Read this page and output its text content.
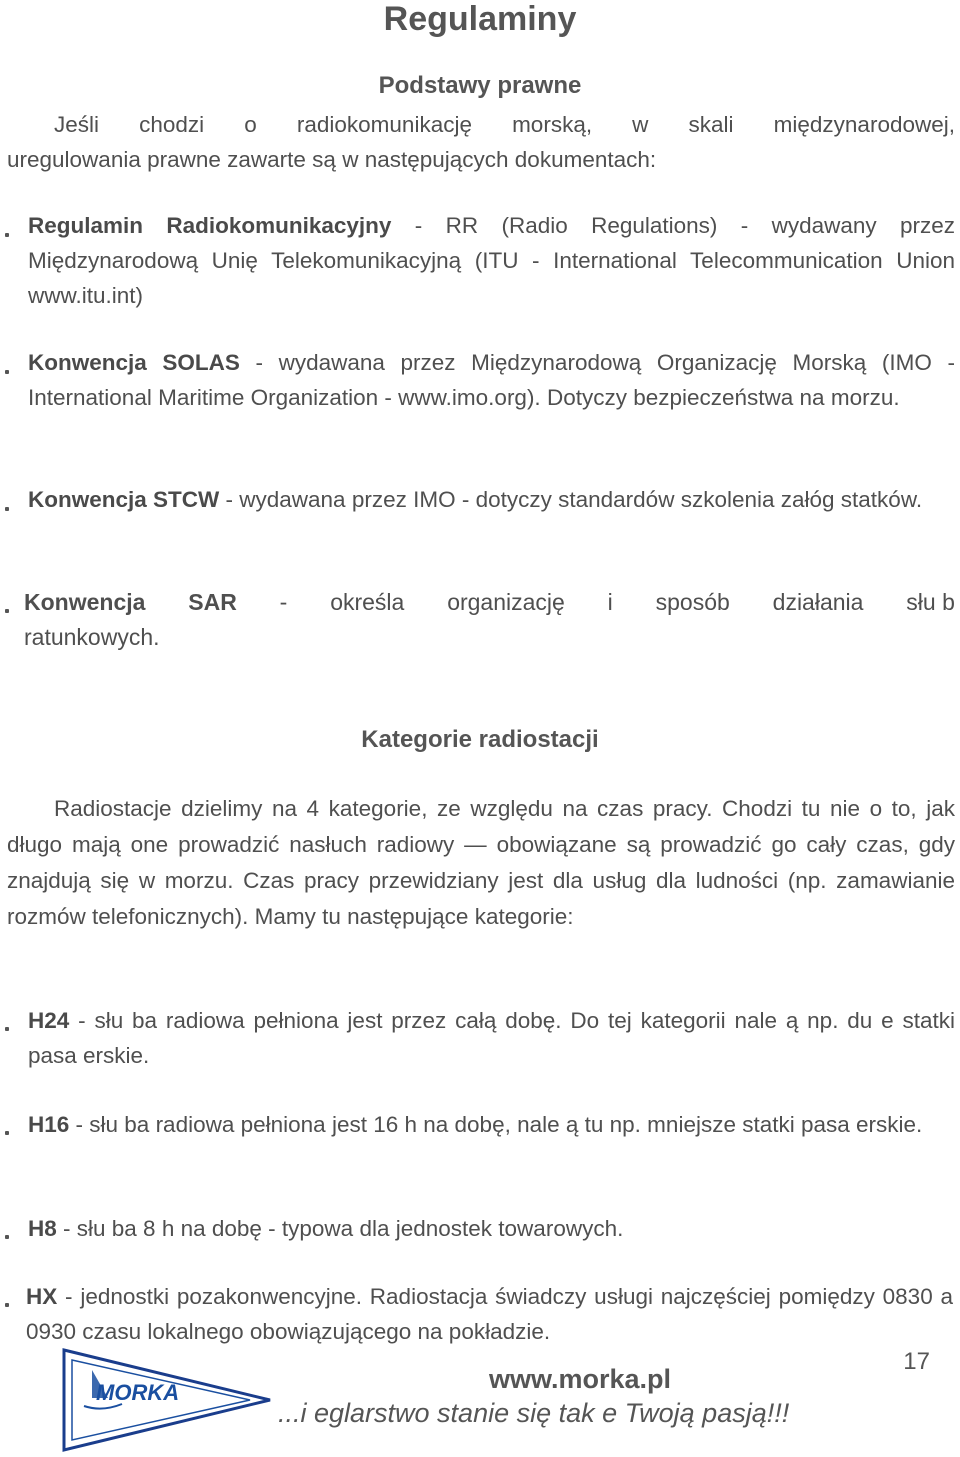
Regulaminy
Podstawy prawne
Jeśli chodzi o radiokomunikację morską, w skali międzynarodowej,
uregulowania prawne zawarte są w następujących dokumentach:
Regulamin Radiokomunikacyjny - RR (Radio Regulations) - wydawany przez Międzynarodową Unię Telekomunikacyjną (ITU - International Telecommunication Union www.itu.int)
Konwencja SOLAS - wydawana przez Międzynarodową Organizację Morską (IMO - International Maritime Organization - www.imo.org). Dotyczy bezpieczeństwa na morzu.
Konwencja STCW - wydawana przez IMO - dotyczy standardów szkolenia załóg statków.
Konwencja SAR - określa organizację i sposób działania słu b
ratunkowych.
Kategorie radiostacji
Radiostacje dzielimy na 4 kategorie, ze względu na czas pracy. Chodzi tu nie o to, jak długo mają one prowadzić nasłuch radiowy — obowiązane są prowadzić go cały czas, gdy znajdują się w morzu. Czas pracy przewidziany jest dla usług dla ludności (np. zamawianie rozmów telefonicznych). Mamy tu następujące kategorie:
H24 - słu ba radiowa pełniona jest przez całą dobę. Do tej kategorii nale ą np. du e statki pasa erskie.
H16 - słu ba radiowa pełniona jest 16 h na dobę, nale ą tu np. mniejsze statki pasa erskie.
H8 - słu ba 8 h na dobę - typowa dla jednostek towarowych.
HX - jednostki pozakonwencyjne. Radiostacja świadczy usługi najczęściej pomiędzy 0830 a 0930 czasu lokalnego obowiązującego na pokładzie.
MORKA
17
www.morka.pl
...i eglarstwo stanie się tak e Twoją pasją!!!
